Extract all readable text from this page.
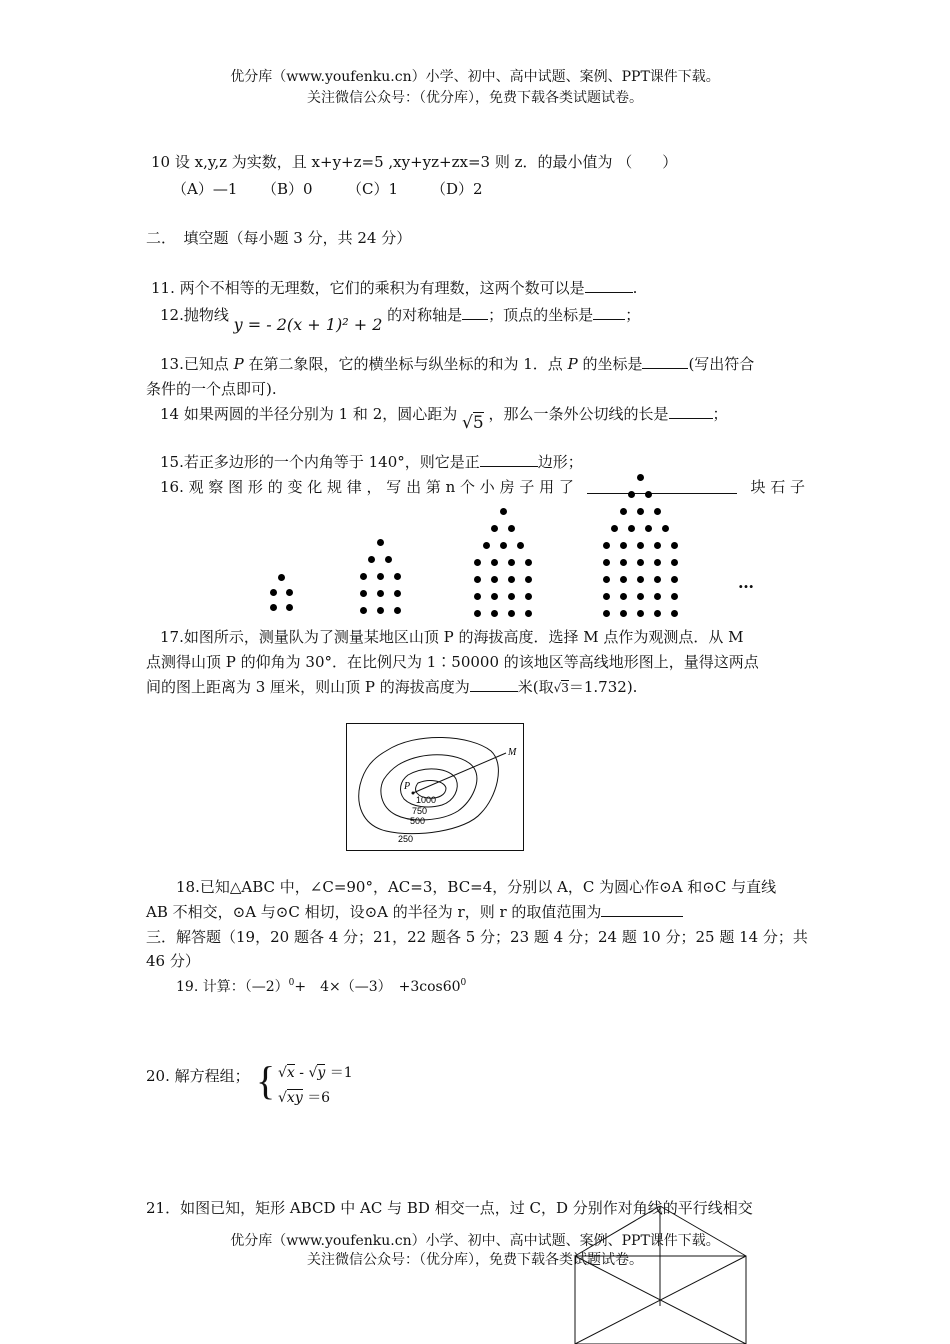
优分库（www.youfenku.cn）小学、初中、高中试题、案例、PPT课件下载。
关注微信公众号：（优分库），免费下载各类试题试卷。
10 设 x,y,z 为实数，且 x+y+z=5 ,xy+yz+zx=3 则 z．的最小值为 （　　）
（A）—1 （B）0 （C）1 （D）2
二．　填空题（每小题 3 分，共 24 分）
11. 两个不相等的无理数，它们的乘积为有理数，这两个数可以是	.
12.抛物线 y = - 2(x + 1)² + 2 的对称轴是 ；顶点的坐标是 ；
13.已知点 P 在第二象限，它的横坐标与纵坐标的和为 1．点 P 的坐标是	(写出符合
条件的一个点即可).
14 如果两圆的半径分别为 1 和 2，圆心距为 √5 ，那么一条外公切线的长是	；
15.若正多边形的一个内角等于 140°，则它是正	边形；
16. 观 察 图 形 的 变 化 规 律 ， 写 出 第 n 个 小 房 子 用 了	块 石 子
…
17.如图所示，测量队为了测量某地区山顶 P 的海拔高度．选择 M 点作为观测点．从 M
点测得山顶 P 的仰角为 30°．在比例尺为 1∶50000 的该地区等高线地形图上，量得这两点
间的图上距离为 3 厘米，则山顶 P 的海拔高度为	米(取√3＝1.732).
M
P
1000
750
500
250
18.已知△ABC 中，∠C=90°，AC=3，BC=4，分别以 A，C 为圆心作⊙A 和⊙C 与直线
AB 不相交，⊙A 与⊙C 相切，设⊙A 的半径为 r，则 r 的取值范围为
三．解答题（19，20 题各 4 分；21，22 题各 5 分；23 题 4 分；24 题 10 分；25 题 14 分；共
46 分）
19. 计算：（—2）$^0$+　4×（—3）　$+3\cos 60^0$
20. 解方程组； { √x - √y ＝1
√xy ＝6
21．如图已知，矩形 ABCD 中 AC 与 BD 相交一点，过 C，D 分别作对角线的平行线相交
优分库（www.youfenku.cn）小学、初中、高中试题、案例、PPT课件下载。
关注微信公众号：（优分库），免费下载各类试题试卷。
